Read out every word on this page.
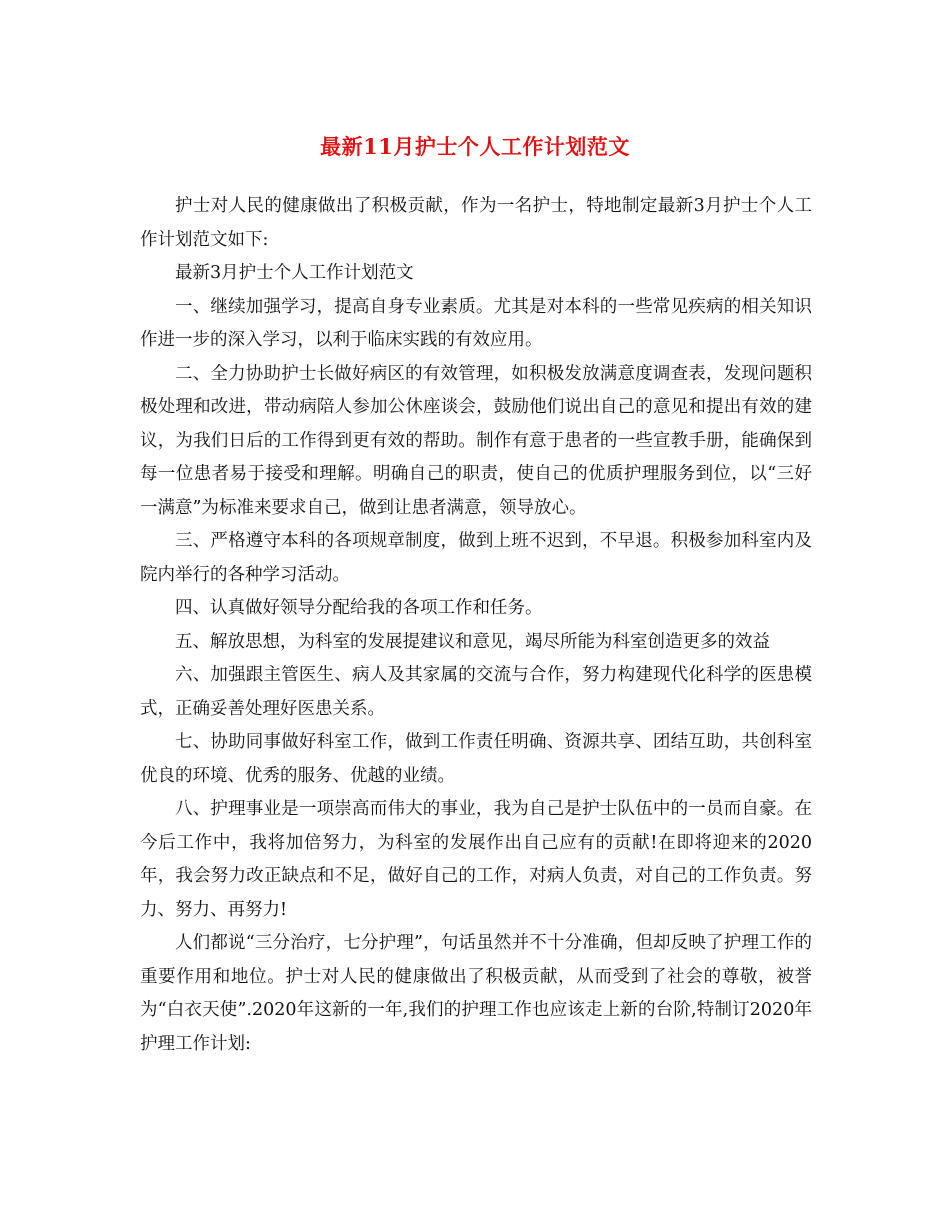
最新11月护士个人工作计划范文

护士对人民的健康做出了积极贡献，作为一名护士，特地制定最新3月护士个人工作计划范文如下:

最新3月护士个人工作计划范文

一、继续加强学习，提高自身专业素质。尤其是对本科的一些常见疾病的相关知识作进一步的深入学习，以利于临床实践的有效应用。

二、全力协助护士长做好病区的有效管理，如积极发放满意度调查表，发现问题积极处理和改进，带动病陪人参加公休座谈会，鼓励他们说出自己的意见和提出有效的建议，为我们日后的工作得到更有效的帮助。制作有意于患者的一些宣教手册，能确保到每一位患者易于接受和理解。明确自己的职责，使自己的优质护理服务到位，以“三好一满意”为标准来要求自己，做到让患者满意，领导放心。

三、严格遵守本科的各项规章制度，做到上班不迟到，不早退。积极参加科室内及院内举行的各种学习活动。

四、认真做好领导分配给我的各项工作和任务。

五、解放思想，为科室的发展提建议和意见，竭尽所能为科室创造更多的效益

六、加强跟主管医生、病人及其家属的交流与合作，努力构建现代化科学的医患模式，正确妥善处理好医患关系。

七、协助同事做好科室工作，做到工作责任明确、资源共享、团结互助，共创科室优良的环境、优秀的服务、优越的业绩。

八、护理事业是一项崇高而伟大的事业，我为自己是护士队伍中的一员而自豪。在今后工作中，我将加倍努力，为科室的发展作出自己应有的贡献!在即将迎来的2020年，我会努力改正缺点和不足，做好自己的工作，对病人负责，对自己的工作负责。努力、努力、再努力!

人们都说“三分治疗，七分护理”，句话虽然并不十分准确，但却反映了护理工作的重要作用和地位。护士对人民的健康做出了积极贡献，从而受到了社会的尊敬，被誉为“白衣天使”.2020年这新的一年,我们的护理工作也应该走上新的台阶,特制订2020年护理工作计划:
